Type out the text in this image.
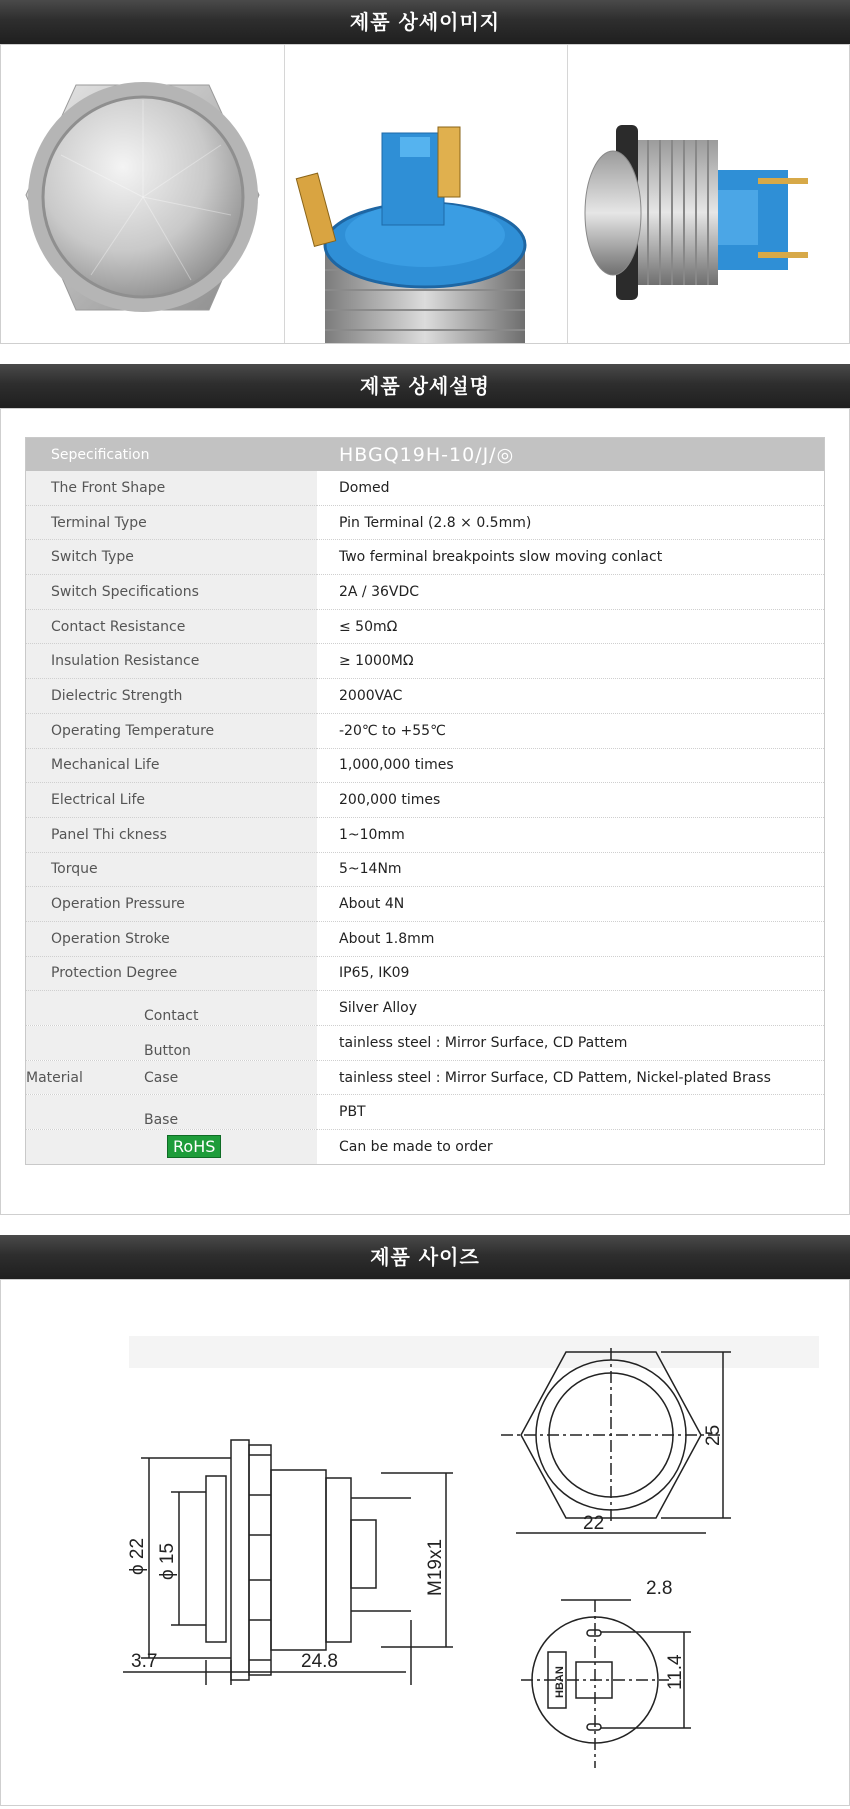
제품 상세이미지
제품 상세설명
Sepecification	HBGQ19H-10/J/◎
The Front Shape	Domed
Terminal Type	Pin Terminal (2.8 × 0.5mm)
Switch Type	Two ferminal breakpoints slow moving conlact
Switch Specifications	2A / 36VDC
Contact Resistance	≤ 50mΩ
Insulation Resistance	≥ 1000MΩ
Dielectric Strength	2000VAC
Operating Temperature	-20℃ to +55℃
Mechanical Life	1,000,000 times
Electrical Life	200,000 times
Panel Thi ckness	1~10mm
Torque	5~14Nm
Operation Pressure	About 4N
Operation Stroke	About 1.8mm
Protection Degree	IP65, IK09

Contact	Silver Alloy

Button	tainless steel : Mirror Surface, CD Pattem
Material Case	tainless steel : Mirror Surface, CD Pattem, Nickel-plated Brass

Base	PBT
RoHS	Can be made to order
제품 사이즈
ϕ 22 ϕ 15	M19x1
3.7	24.8
25
22
2.8
11.4
HBAN
